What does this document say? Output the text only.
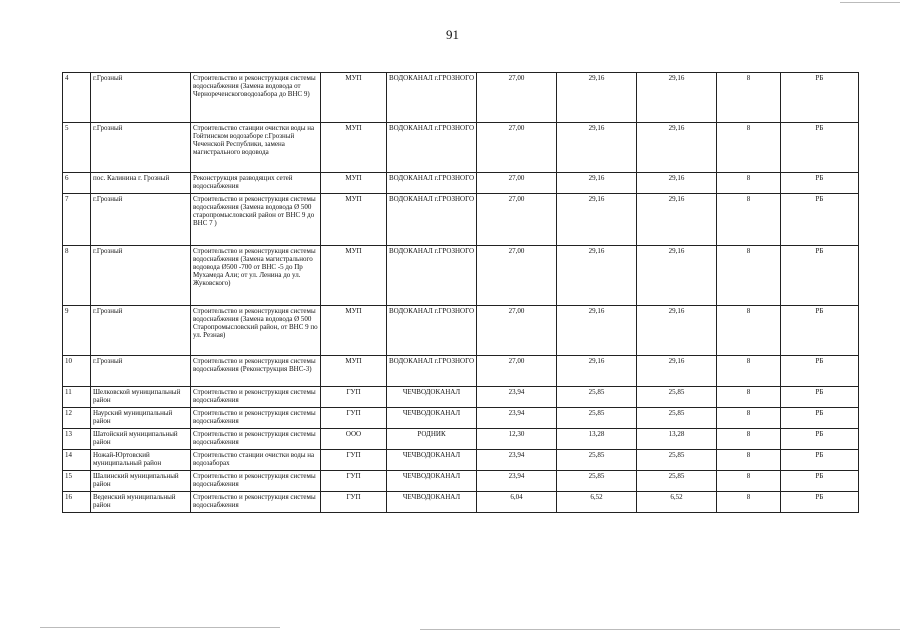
91
4	г.Грозный	Строительство и реконструкция системы водоснабжения (Замена водовода от Чернореченскоговодозабора до ВНС 9)	МУП	ВОДОКАНАЛ г.ГРОЗНОГО	27,00	29,16	29,16	8	РБ
5	г.Грозный	Строительство станции очистки воды на Гойтинском водозаборе г.Грозный Чеченской Республики, замена магистрального водовода	МУП	ВОДОКАНАЛ г.ГРОЗНОГО	27,00	29,16	29,16	8	РБ
6	пос. Калинина г. Грозный	Реконструкция разводящих сетей водоснабжения	МУП	ВОДОКАНАЛ г.ГРОЗНОГО	27,00	29,16	29,16	8	РБ
7	г.Грозный	Строительство и реконструкция системы водоснабжения (Замена водовода Ø 500 старопромысловский район от ВНС 9 до ВНС 7 )	МУП	ВОДОКАНАЛ г.ГРОЗНОГО	27,00	29,16	29,16	8	РБ
8	г.Грозный	Строительство и реконструкция системы водоснабжения (Замена магистрального водовода Ø500 -700 от ВНС -5 до Пр Мухамеда Али; от ул. Ленина до ул. Жуковского)	МУП	ВОДОКАНАЛ г.ГРОЗНОГО	27,00	29,16	29,16	8	РБ
9	г.Грозный	Строительство и реконструкция системы водоснабжения (Замена водовода Ø 500 Старопромысловский район, от ВНС 9 по ул. Резная)	МУП	ВОДОКАНАЛ г.ГРОЗНОГО	27,00	29,16	29,16	8	РБ
10	г.Грозный	Строительство и реконструкция системы водоснабжения (Реконструкция ВНС-3)	МУП	ВОДОКАНАЛ г.ГРОЗНОГО	27,00	29,16	29,16	8	РБ
11	Шелковской муниципальный район	Строительство и реконструкция системы водоснабжения	ГУП	ЧЕЧВОДОКАНАЛ	23,94	25,85	25,85	8	РБ
12	Наурский муниципальный район	Строительство и реконструкция системы водоснабжения	ГУП	ЧЕЧВОДОКАНАЛ	23,94	25,85	25,85	8	РБ
13	Шатойский муниципальный район	Строительство и реконструкция системы водоснабжения	ООО	РОДНИК	12,30	13,28	13,28	8	РБ
14	Ножай-Юртовский муниципальный район	Строительство станции очистки воды на водозаборах	ГУП	ЧЕЧВОДОКАНАЛ	23,94	25,85	25,85	8	РБ
15	Шалинский муниципальный район	Строительство и реконструкция системы водоснабжения	ГУП	ЧЕЧВОДОКАНАЛ	23,94	25,85	25,85	8	РБ
16	Веденский муниципальный район	Строительство и реконструкция системы водоснабжения	ГУП	ЧЕЧВОДОКАНАЛ	6,04	6,52	6,52	8	РБ
